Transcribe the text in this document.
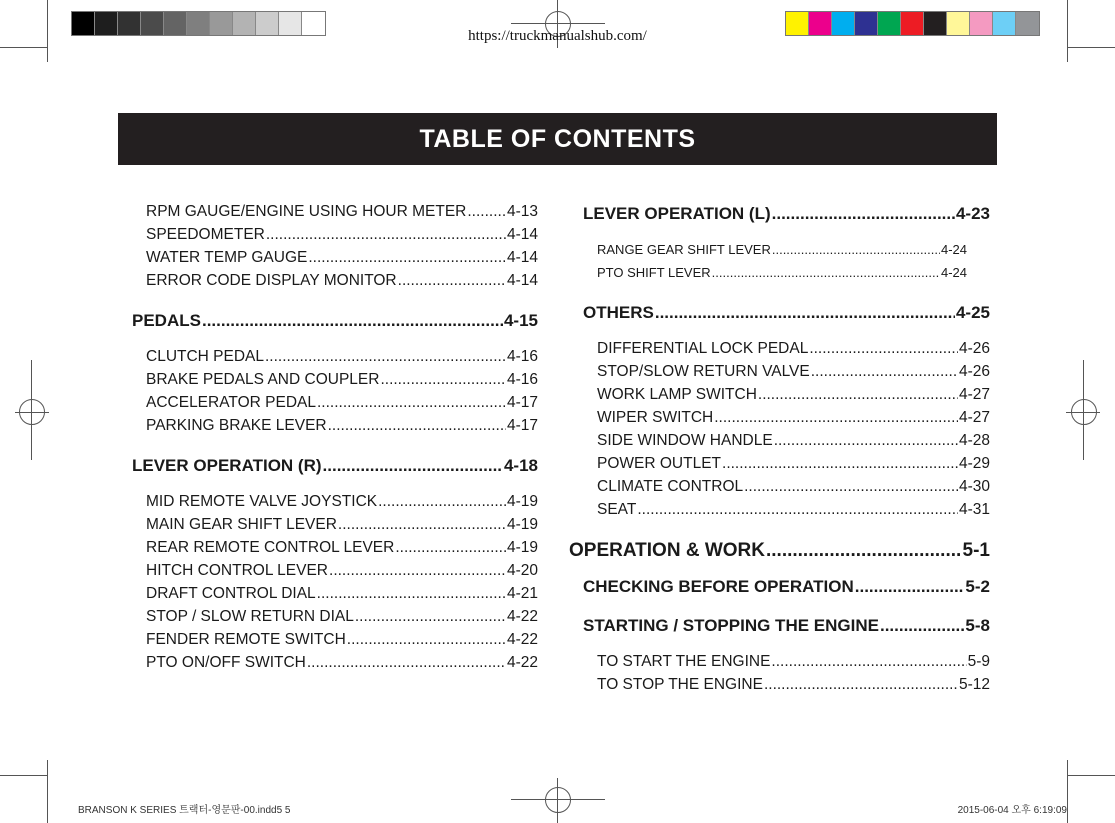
https://truckmanualshub.com/
TABLE OF CONTENTS
RPM GAUGE/ENGINE USING HOUR METER .....	4-13
SPEEDOMETER .....	4-14
WATER TEMP GAUGE .....	4-14
ERROR CODE DISPLAY MONITOR .....	4-14
PEDALS .....	4-15
CLUTCH PEDAL .....	4-16
BRAKE PEDALS AND COUPLER .....	4-16
ACCELERATOR PEDAL .....	4-17
PARKING BRAKE LEVER .....	4-17
LEVER OPERATION (R) .....	4-18
MID REMOTE VALVE JOYSTICK .....	4-19
MAIN GEAR SHIFT LEVER .....	4-19
REAR REMOTE CONTROL LEVER .....	4-19
HITCH CONTROL LEVER .....	4-20
DRAFT CONTROL DIAL .....	4-21
STOP / SLOW RETURN DIAL .....	4-22
FENDER REMOTE SWITCH .....	4-22
PTO ON/OFF SWITCH .....	4-22
LEVER OPERATION (L) .....	4-23
RANGE GEAR SHIFT LEVER .....	4-24
PTO SHIFT LEVER .....	4-24
OTHERS .....	4-25
DIFFERENTIAL LOCK PEDAL .....	4-26
STOP/SLOW RETURN VALVE .....	4-26
WORK LAMP SWITCH .....	4-27
WIPER SWITCH .....	4-27
SIDE WINDOW HANDLE .....	4-28
POWER OUTLET .....	4-29
CLIMATE CONTROL .....	4-30
SEAT .....	4-31
OPERATION & WORK .....	5-1
CHECKING BEFORE OPERATION .....	5-2
STARTING / STOPPING THE ENGINE .....	5-8
TO START THE ENGINE .....	5-9
TO STOP THE ENGINE .....	5-12
BRANSON K SERIES 트랙터-영문판-00.indd5 5	2015-06-04 오후 6:19:09
